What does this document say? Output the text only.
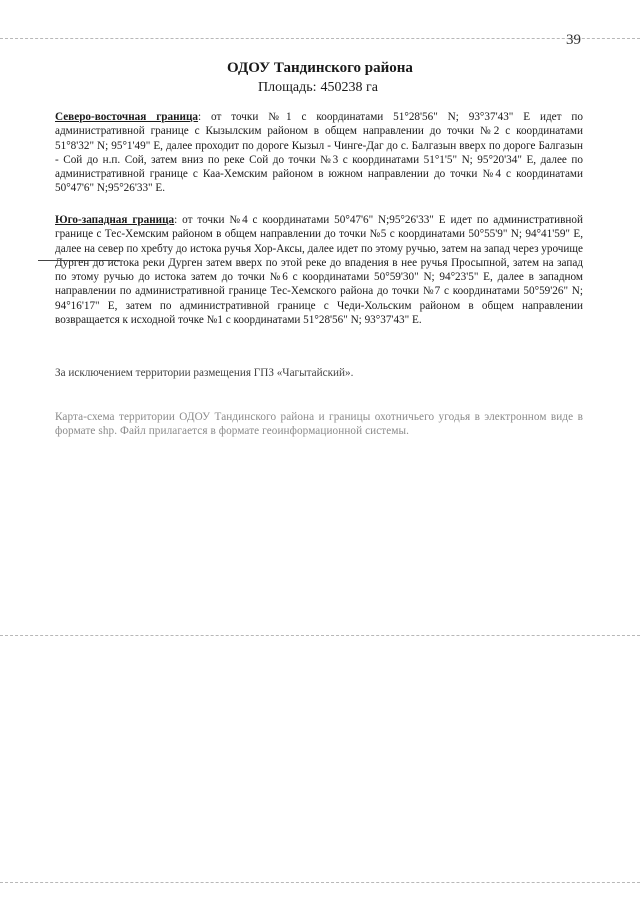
39
ОДОУ Тандинского района
Площадь: 450238 га

Северо-восточная граница: от точки №1 с координатами 51°28'56" N; 93°37'43" E идет по административной границе с Кызылским районом в общем направлении до точки №2 с координатами 51°8'32" N; 95°1'49" E, далее проходит по дороге Кызыл - Чинге-Даг до с. Балгазын вверх по дороге Балгазын - Сой до н.п. Сой, затем вниз по реке Сой до точки №3 с координатами 51°1'5" N; 95°20'34" E, далее по административной границе с Каа-Хемским районом в южном направлении до точки №4 с координатами 50°47'6" N;95°26'33" E.

Юго-западная граница: от точки №4 с координатами 50°47'6" N;95°26'33" E идет по административной границе с Тес-Хемским районом в общем направлении до точки №5 с координатами 50°55'9" N; 94°41'59" E, далее на север по хребту до истока ручья Хор-Аксы, далее идет по этому ручью, затем на запад через урочище Дурген до истока реки Дурген затем вверх по этой реке до впадения в нее ручья Просыпной, затем на запад по этому ручью до истока затем до точки №6 с координатами 50°59'30" N; 94°23'5" E, далее в западном направлении по административной границе Тес-Хемского района до точки №7 с координатами 50°59'26" N; 94°16'17" E, затем по административной границе с Чеди-Хольским районом в общем направлении возвращается к исходной точке №1 с координатами 51°28'56" N; 93°37'43" E.

За исключением территории размещения ГПЗ «Чагытайский».

Карта-схема территории ОДОУ Тандинского района и границы охотничьего угодья в электронном виде в формате shp. Файл прилагается в формате геоинформационной системы.
